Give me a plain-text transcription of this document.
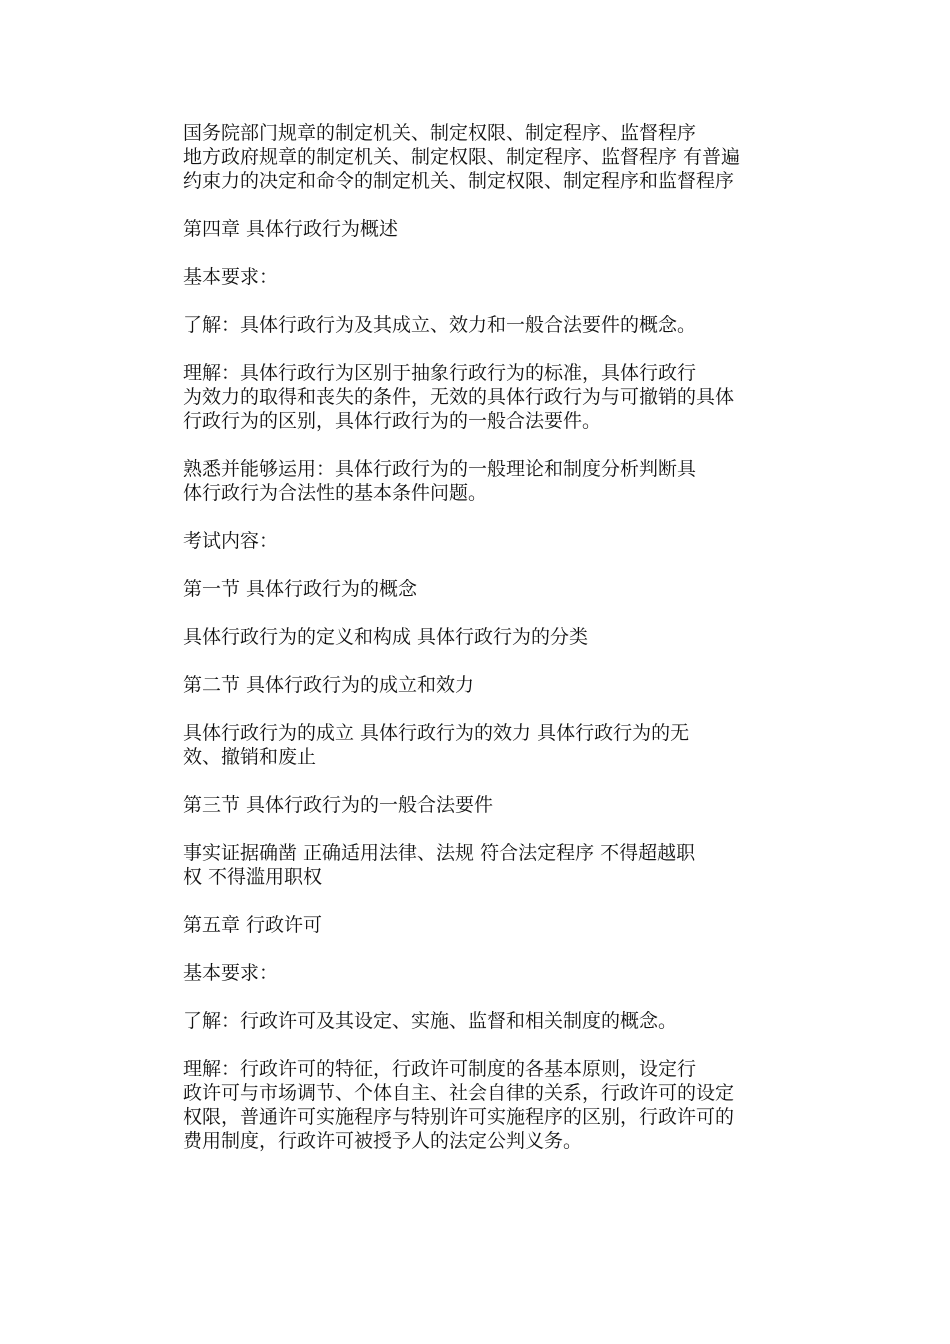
国务院部门规章的制定机关、制定权限、制定程序、监督程序
地方政府规章的制定机关、制定权限、制定程序、监督程序 有普遍
约束力的决定和命令的制定机关、制定权限、制定程序和监督程序

第四章 具体行政行为概述

基本要求：

了解：具体行政行为及其成立、效力和一般合法要件的概念。

理解：具体行政行为区别于抽象行政行为的标准，具体行政行
为效力的取得和丧失的条件，无效的具体行政行为与可撤销的具体
行政行为的区别，具体行政行为的一般合法要件。

熟悉并能够运用：具体行政行为的一般理论和制度分析判断具
体行政行为合法性的基本条件问题。

考试内容：

第一节 具体行政行为的概念

具体行政行为的定义和构成 具体行政行为的分类

第二节 具体行政行为的成立和效力

具体行政行为的成立 具体行政行为的效力 具体行政行为的无
效、撤销和废止

第三节 具体行政行为的一般合法要件

事实证据确凿 正确适用法律、法规 符合法定程序 不得超越职
权 不得滥用职权

第五章 行政许可

基本要求：

了解：行政许可及其设定、实施、监督和相关制度的概念。

理解：行政许可的特征，行政许可制度的各基本原则，设定行
政许可与市场调节、个体自主、社会自律的关系，行政许可的设定
权限，普通许可实施程序与特别许可实施程序的区别，行政许可的
费用制度，行政许可被授予人的法定公判义务。
